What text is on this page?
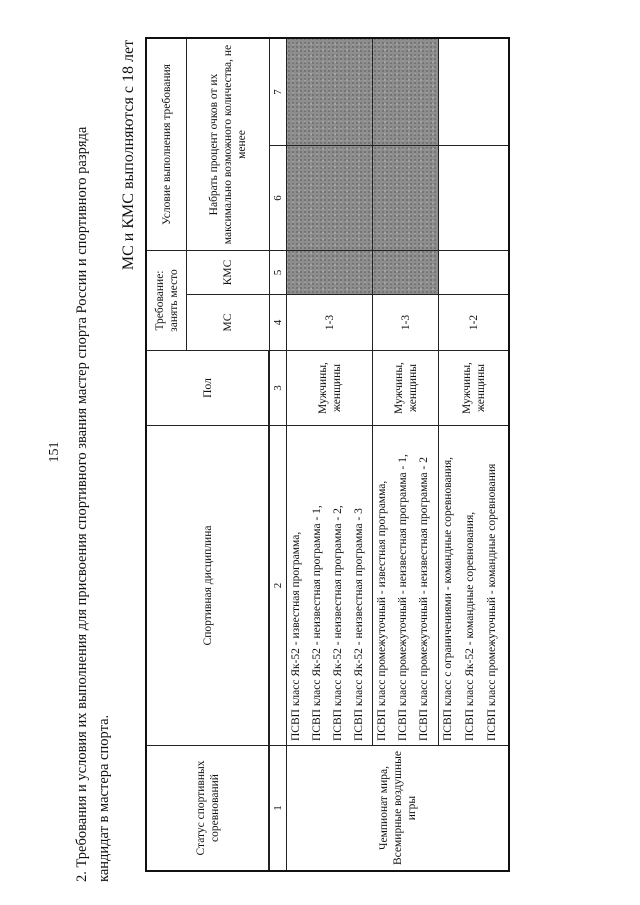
151 2. Требования и условия их выполнения для присвоения спортивного звания мастер спорта России и спортивного разряда кандидат в мастера спорта.
МС и КМС выполняются с 18 лет
Статус спортивных соревнований
Спортивная дисциплина
Пол
Требование: занять место	МС
КМС
Условие выполнения требования	Набрать процент очков от их максимально возможного количества, не менее
1
2
3
4
5
6
7
Чемпионат мира, Всемирные воздушные игры
ПСВП класс Як-52 - известная программа, ПСВП класс Як-52 - неизвестная программа - 1, ПСВП класс Як-52 - неизвестная программа - 2, ПСВП класс Як-52 - неизвестная программа - 3
Мужчины, женщины
1-3
ПСВП класс промежуточный - известная программа, ПСВП класс промежуточный - неизвестная программа - 1, ПСВП класс промежуточный - неизвестная программа - 2
Мужчины, женщины
1-3
ПСВП класс с ограничениями - командные соревнования, ПСВП класс Як-52 - командные соревнования, ПСВП класс промежуточный - командные соревнования
Мужчины, женщины
1-2
